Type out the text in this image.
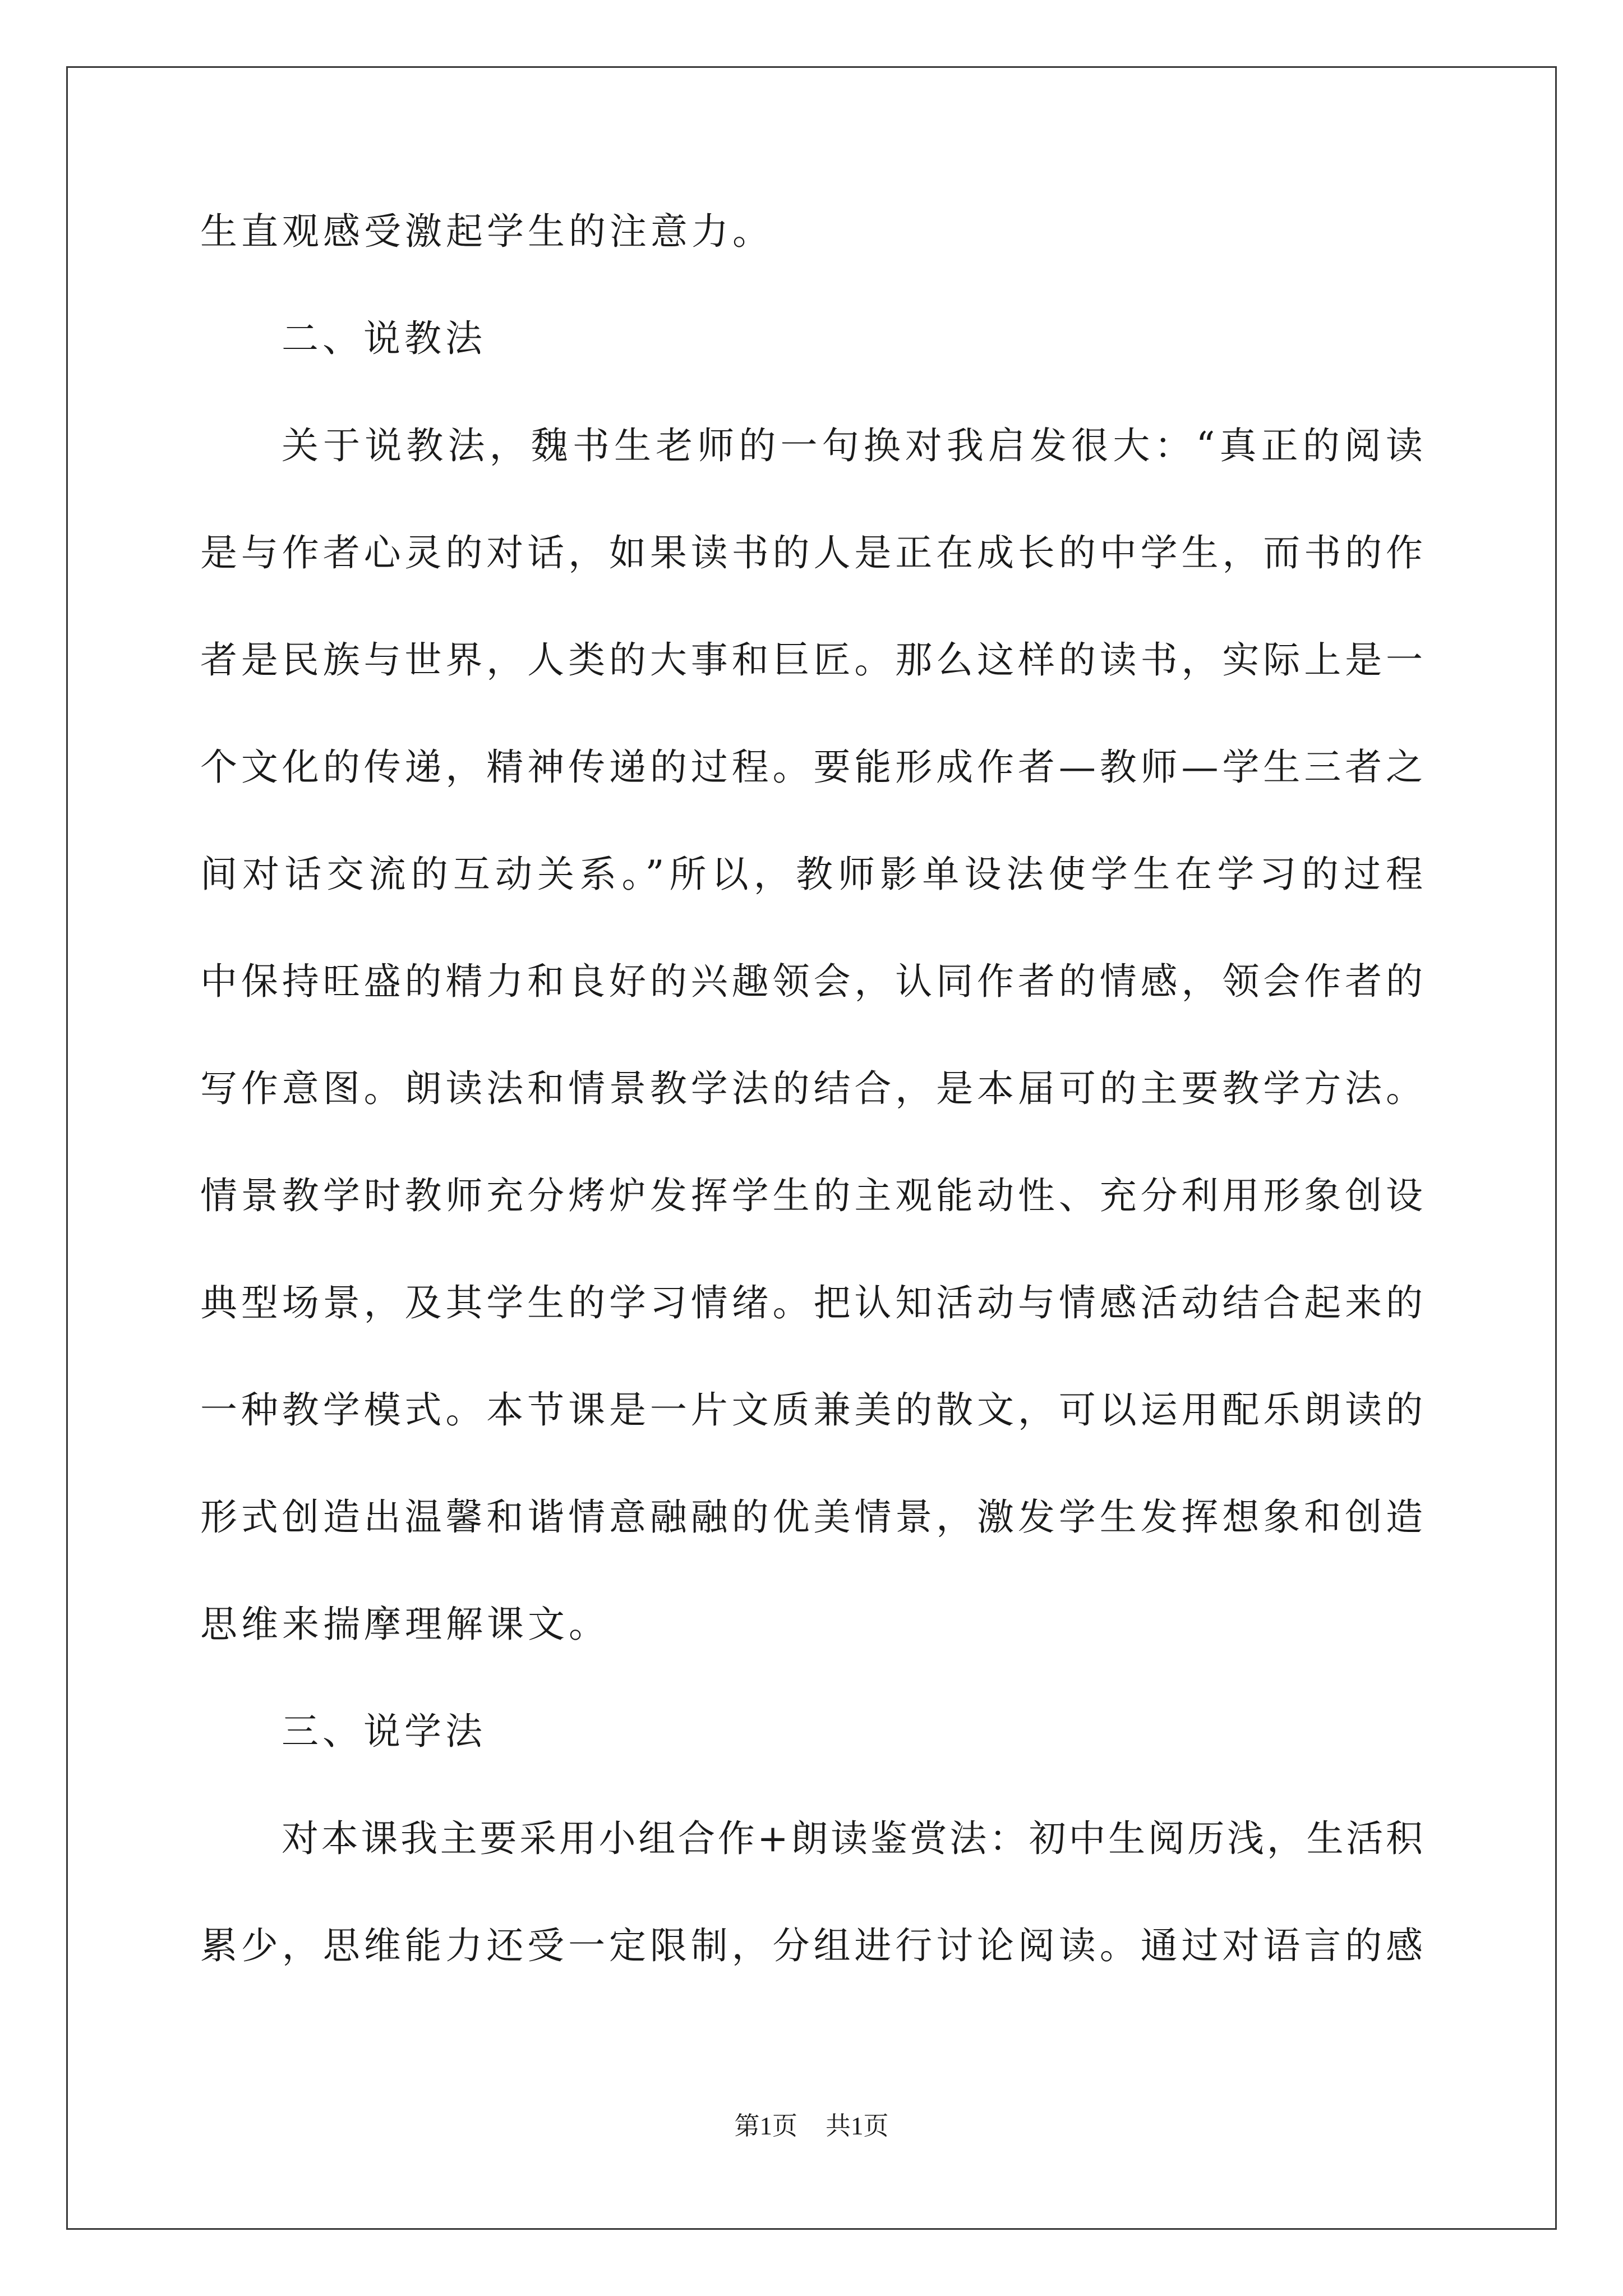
生直观感受激起学生的注意力。
二、说教法
关于说教法，魏书生老师的一句换对我启发很大：“真正的阅读
是与作者心灵的对话，如果读书的人是正在成长的中学生，而书的作
者是民族与世界，人类的大事和巨匠。那么这样的读书，实际上是一
个文化的传递，精神传递的过程。要能形成作者—教师—学生三者之
间对话交流的互动关系。”所以，教师影单设法使学生在学习的过程
中保持旺盛的精力和良好的兴趣领会，认同作者的情感，领会作者的
写作意图。朗读法和情景教学法的结合，是本届可的主要教学方法。
情景教学时教师充分烤炉发挥学生的主观能动性、充分利用形象创设
典型场景，及其学生的学习情绪。把认知活动与情感活动结合起来的
一种教学模式。本节课是一片文质兼美的散文，可以运用配乐朗读的
形式创造出温馨和谐情意融融的优美情景，激发学生发挥想象和创造
思维来揣摩理解课文。
三、说学法
对本课我主要采用小组合作+朗读鉴赏法：初中生阅历浅，生活积
累少，思维能力还受一定限制，分组进行讨论阅读。通过对语言的感
第1页 共1页
